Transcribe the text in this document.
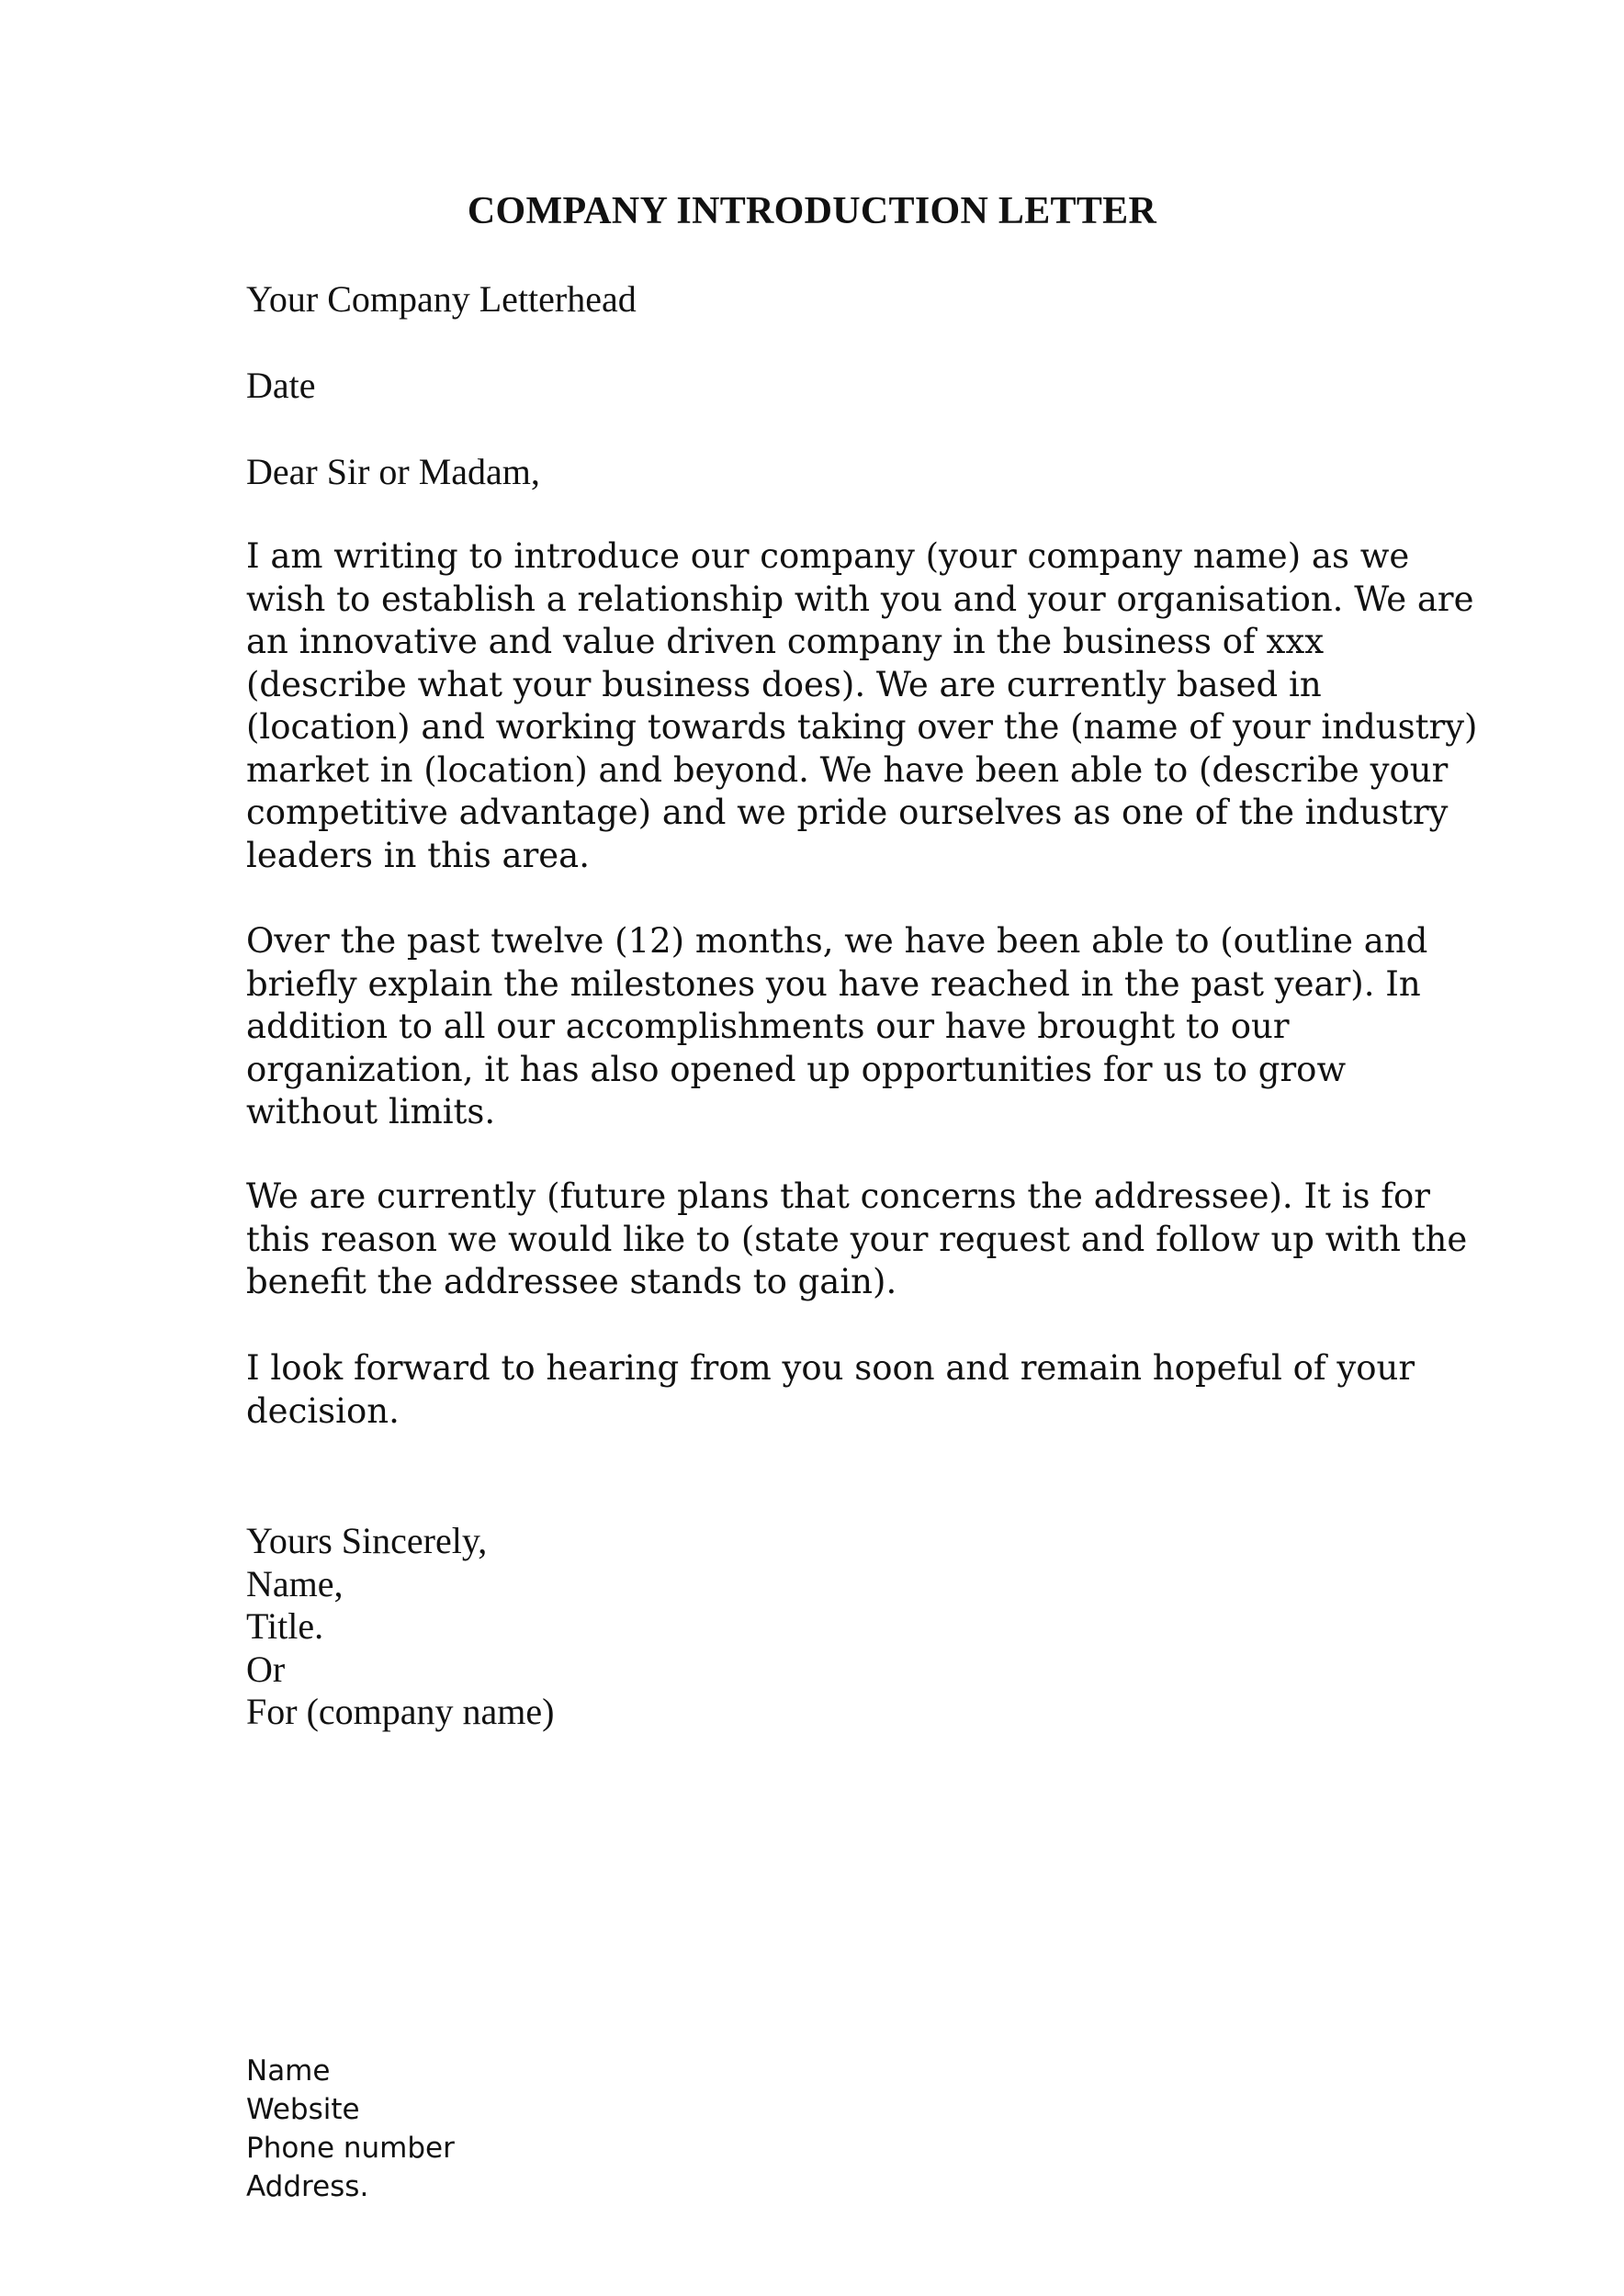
COMPANY INTRODUCTION LETTER
Your Company Letterhead
Date
Dear Sir or Madam,

I am writing to introduce our company (your company name) as we
wish to establish a relationship with you and your organisation. We are
an innovative and value driven company in the business of xxx
(describe what your business does). We are currently based in
(location) and working towards taking over the (name of your industry)
market in (location) and beyond. We have been able to (describe your
competitive advantage) and we pride ourselves as one of the industry
leaders in this area.

Over the past twelve (12) months, we have been able to (outline and
briefly explain the milestones you have reached in the past year). In
addition to all our accomplishments our have brought to our
organization, it has also opened up opportunities for us to grow
without limits.

We are currently (future plans that concerns the addressee). It is for
this reason we would like to (state your request and follow up with the
benefit the addressee stands to gain).

I look forward to hearing from you soon and remain hopeful of your
decision.

Yours Sincerely,
Name,
Title.
Or
For (company name)
Name
Website
Phone number
Address.
